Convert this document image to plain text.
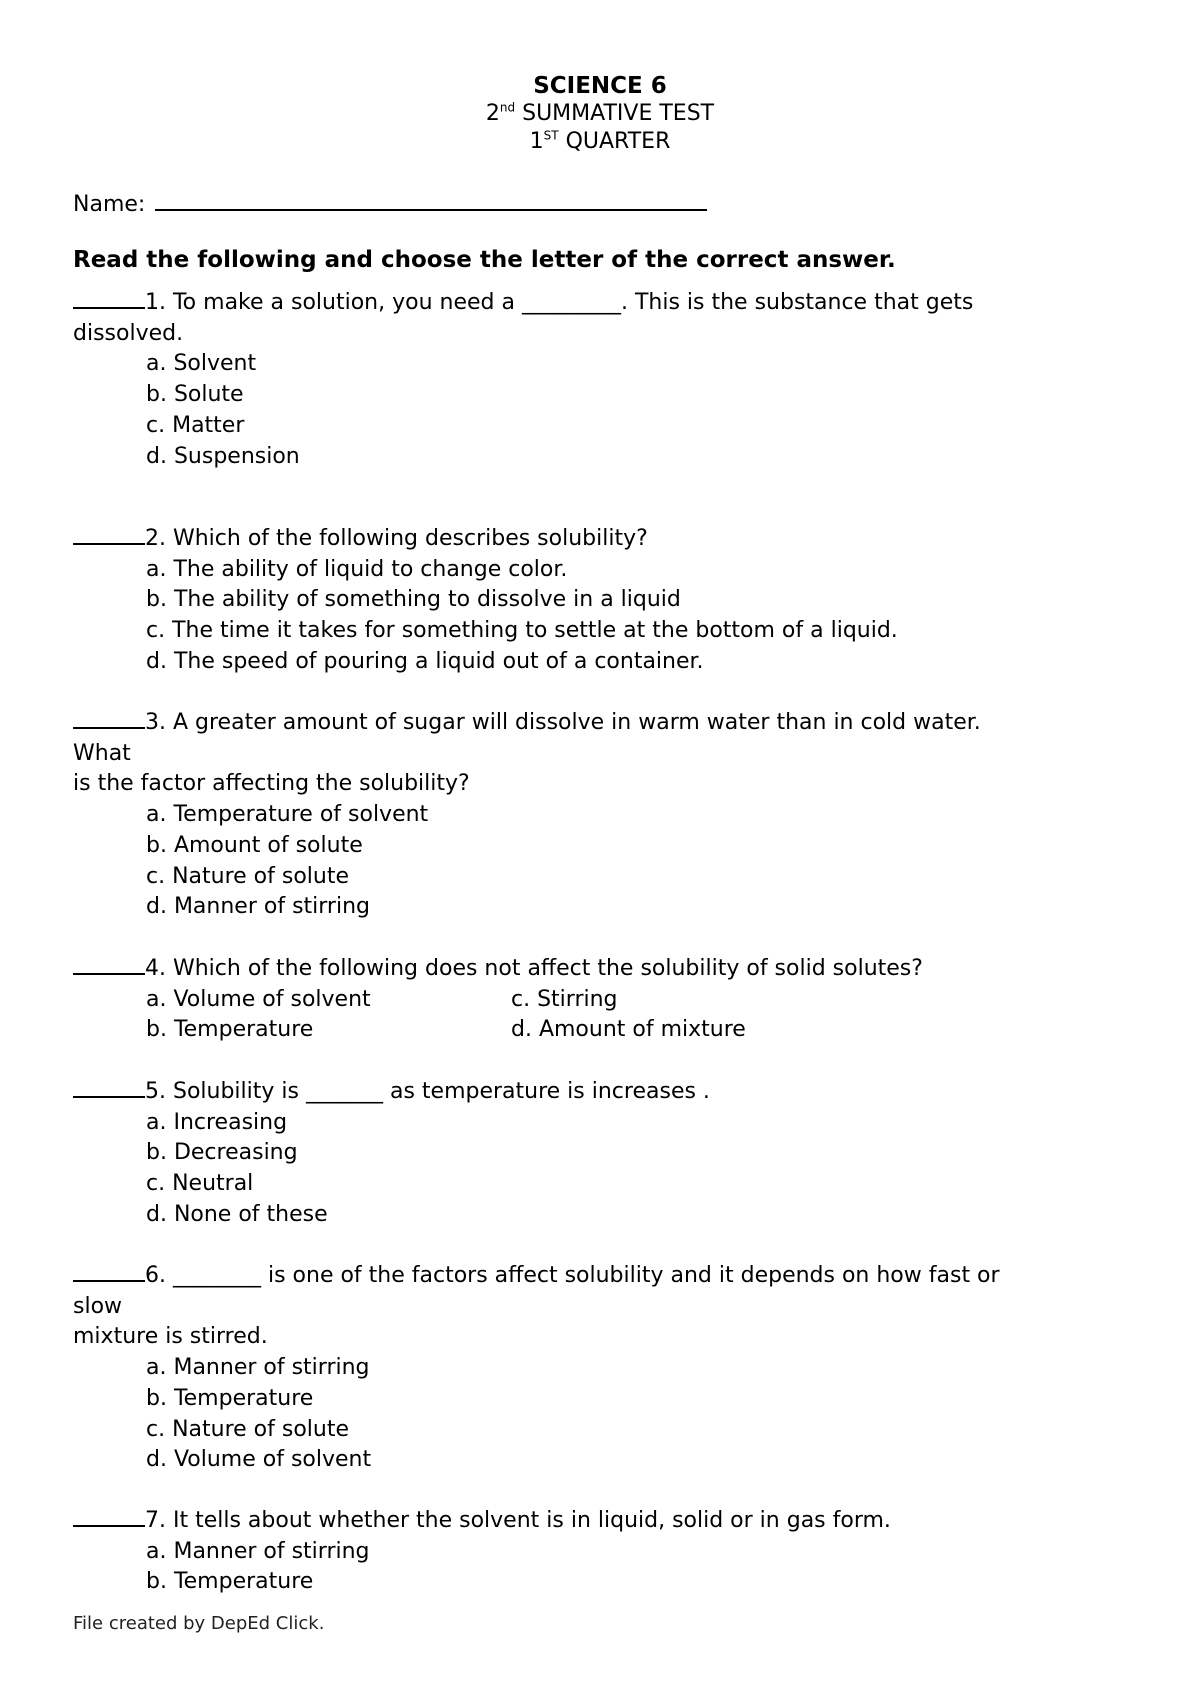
SCIENCE 6
2nd SUMMATIVE TEST
1ST QUARTER
Name:
Read the following and choose the letter of the correct answer.
1. To make a solution, you need a _________. This is the substance that gets
dissolved.
a. Solvent
b. Solute
c. Matter
d. Suspension
2. Which of the following describes solubility?
a. The ability of liquid to change color.
b. The ability of something to dissolve in a liquid
c. The time it takes for something to settle at the bottom of a liquid.
d. The speed of pouring a liquid out of a container.
3. A greater amount of sugar will dissolve in warm water than in cold water.
What
is the factor affecting the solubility?
a. Temperature of solvent
b. Amount of solute
c. Nature of solute
d. Manner of stirring
4. Which of the following does not affect the solubility of solid solutes?
a. Volume of solvent	c. Stirring
b. Temperature	d. Amount of mixture
5. Solubility is _______ as temperature is increases .
a. Increasing
b. Decreasing
c. Neutral
d. None of these
6. ________ is one of the factors affect solubility and it depends on how fast or
slow
mixture is stirred.
a. Manner of stirring
b. Temperature
c. Nature of solute
d. Volume of solvent
7. It tells about whether the solvent is in liquid, solid or in gas form.
a. Manner of stirring
b. Temperature
File created by DepEd Click.
